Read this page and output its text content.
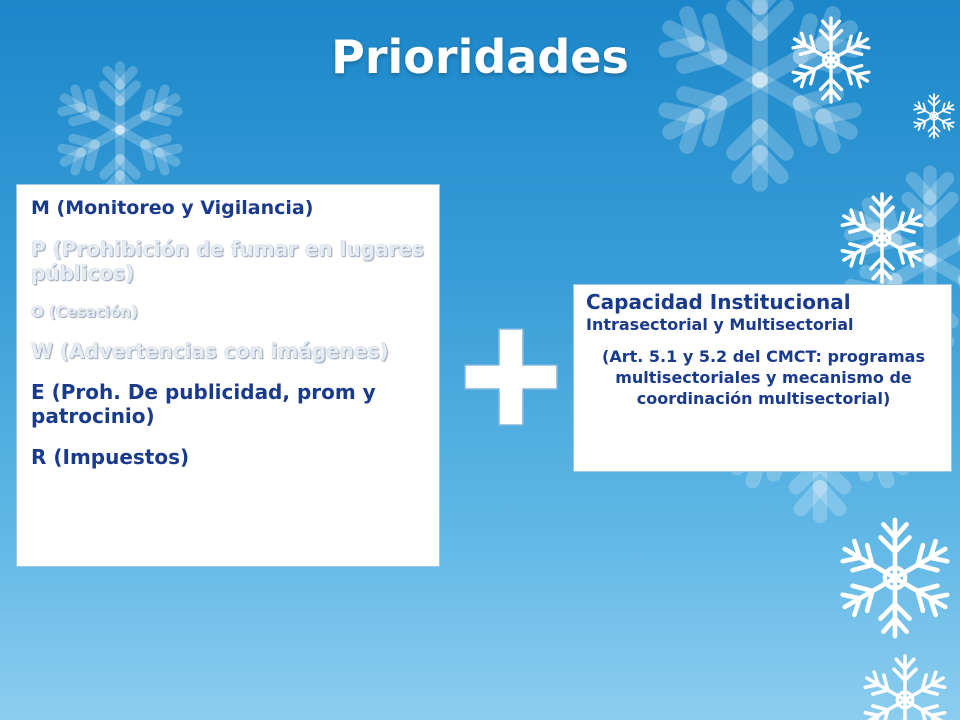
Prioridades
M (Monitoreo y Vigilancia)
P (Prohibición de fumar en lugares públicos)
O (Cesación)
W (Advertencias con imágenes)
E (Proh. De publicidad, prom y patrocinio)
R (Impuestos)
Capacidad Institucional
Intrasectorial y Multisectorial
(Art. 5.1 y 5.2 del CMCT: programas multisectoriales y mecanismo de coordinación multisectorial)
